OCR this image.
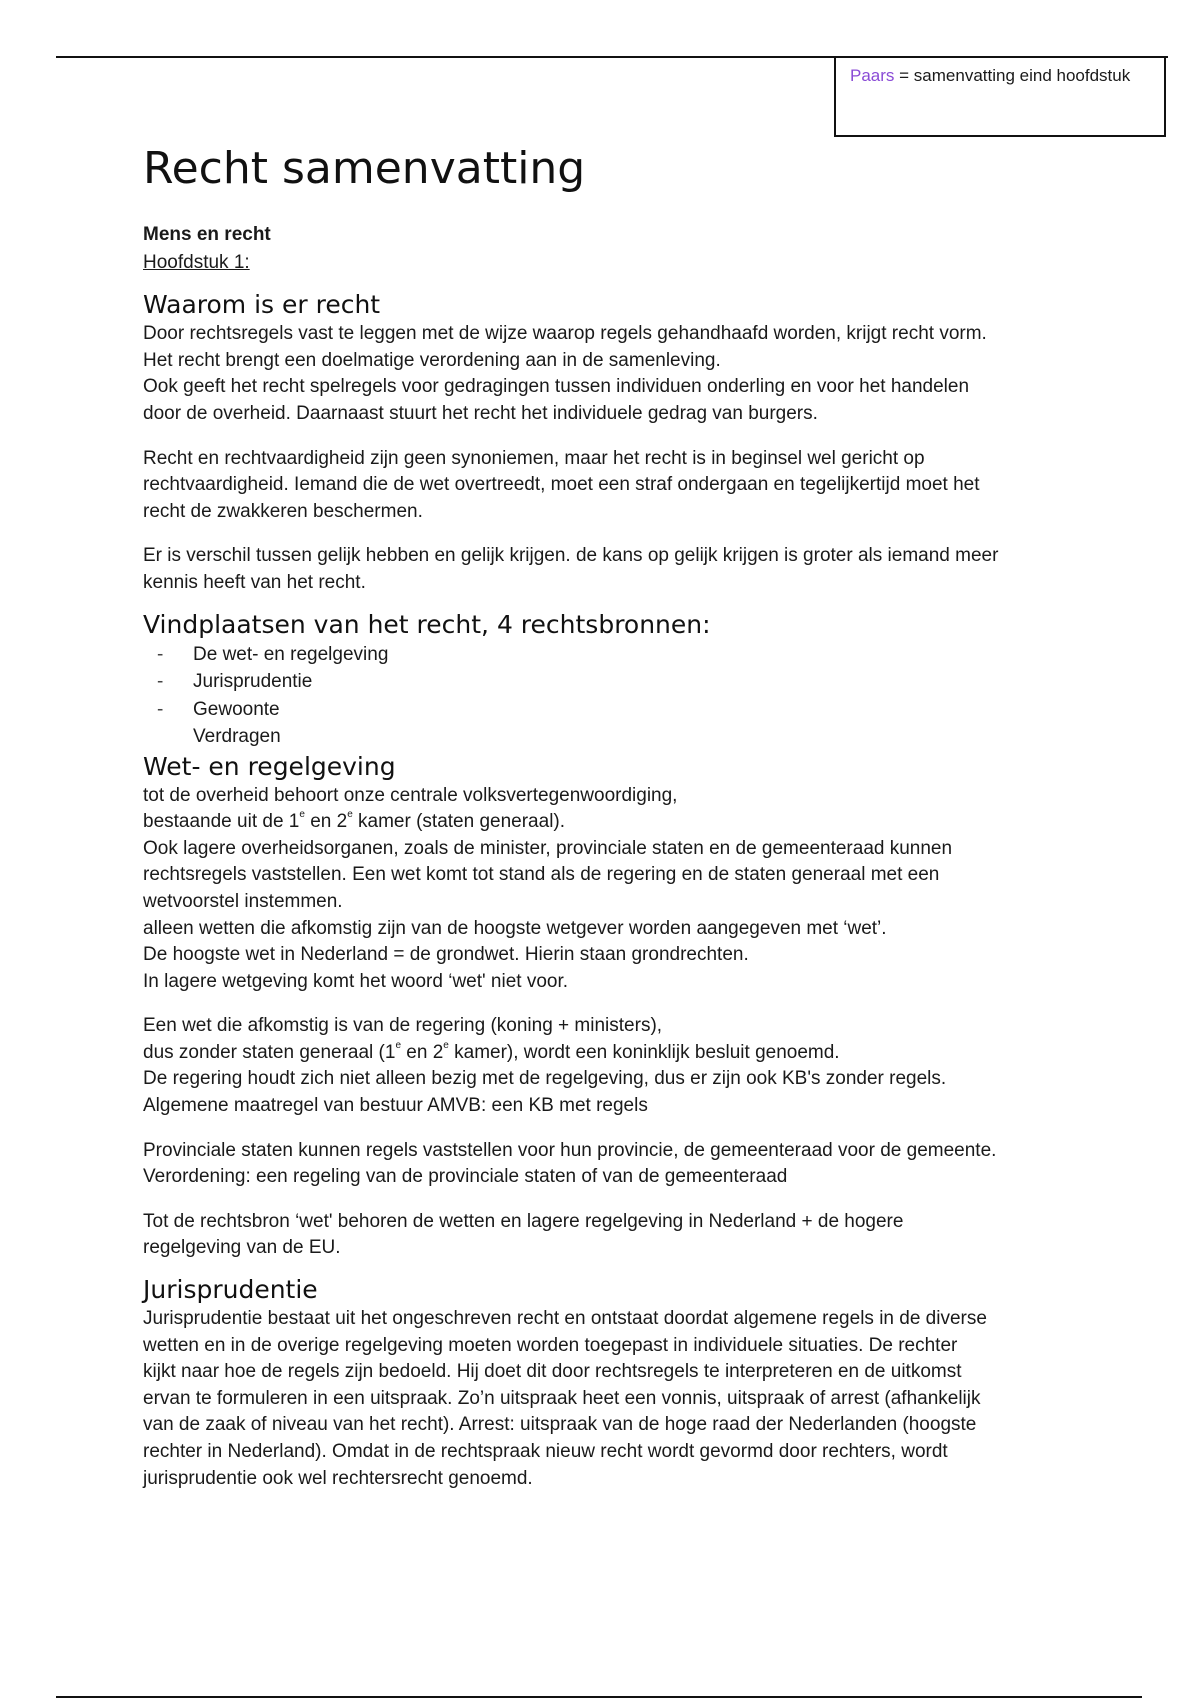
Paars = samenvatting eind hoofdstuk
Recht samenvatting
Mens en recht
Hoofdstuk 1:
Waarom is er recht

Door rechtsregels vast te leggen met de wijze waarop regels gehandhaafd worden, krijgt recht vorm.
Het recht brengt een doelmatige verordening aan in de samenleving.
Ook geeft het recht spelregels voor gedragingen tussen individuen onderling en voor het handelen
door de overheid. Daarnaast stuurt het recht het individuele gedrag van burgers.

Recht en rechtvaardigheid zijn geen synoniemen, maar het recht is in beginsel wel gericht op
rechtvaardigheid. Iemand die de wet overtreedt, moet een straf ondergaan en tegelijkertijd moet het
recht de zwakkeren beschermen.

Er is verschil tussen gelijk hebben en gelijk krijgen. de kans op gelijk krijgen is groter als iemand meer
kennis heeft van het recht.

Vindplaatsen van het recht, 4 rechtsbronnen:
- De wet- en regelgeving
- Jurisprudentie
- Gewoonte
Verdragen
Wet- en regelgeving

tot de overheid behoort onze centrale volksvertegenwoordiging,
bestaande uit de 1e en 2e kamer (staten generaal).
Ook lagere overheidsorganen, zoals de minister, provinciale staten en de gemeenteraad kunnen
rechtsregels vaststellen. Een wet komt tot stand als de regering en de staten generaal met een
wetvoorstel instemmen.
alleen wetten die afkomstig zijn van de hoogste wetgever worden aangegeven met ‘wet’.
De hoogste wet in Nederland = de grondwet. Hierin staan grondrechten.
In lagere wetgeving komt het woord ‘wet' niet voor.

Een wet die afkomstig is van de regering (koning + ministers),
dus zonder staten generaal (1e en 2e kamer), wordt een koninklijk besluit genoemd.
De regering houdt zich niet alleen bezig met de regelgeving, dus er zijn ook KB's zonder regels.
Algemene maatregel van bestuur AMVB: een KB met regels

Provinciale staten kunnen regels vaststellen voor hun provincie, de gemeenteraad voor de gemeente.
Verordening: een regeling van de provinciale staten of van de gemeenteraad

Tot de rechtsbron ‘wet' behoren de wetten en lagere regelgeving in Nederland + de hogere
regelgeving van de EU.

Jurisprudentie

Jurisprudentie bestaat uit het ongeschreven recht en ontstaat doordat algemene regels in de diverse
wetten en in de overige regelgeving moeten worden toegepast in individuele situaties. De rechter
kijkt naar hoe de regels zijn bedoeld. Hij doet dit door rechtsregels te interpreteren en de uitkomst
ervan te formuleren in een uitspraak. Zo’n uitspraak heet een vonnis, uitspraak of arrest (afhankelijk
van de zaak of niveau van het recht). Arrest: uitspraak van de hoge raad der Nederlanden (hoogste
rechter in Nederland). Omdat in de rechtspraak nieuw recht wordt gevormd door rechters, wordt
jurisprudentie ook wel rechtersrecht genoemd.
